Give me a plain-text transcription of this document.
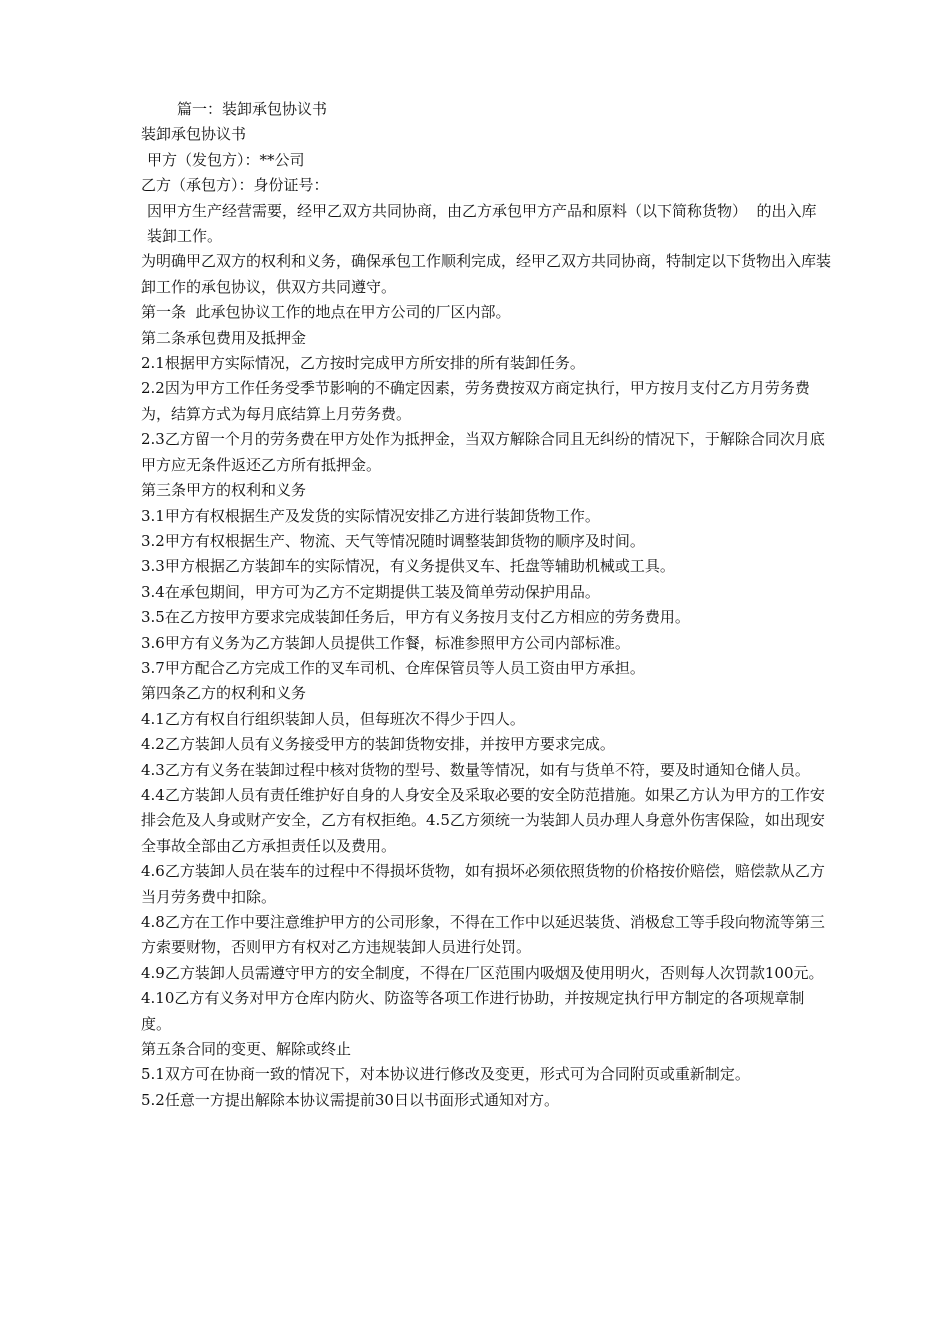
篇一：装卸承包协议书

装卸承包协议书

甲方（发包方）：**公司

乙方（承包方）：身份证号：

因甲方生产经营需要，经甲乙双方共同协商，由乙方承包甲方产品和原料（以下简称货物）  的出入库装卸工作。

为明确甲乙双方的权利和义务，确保承包工作顺利完成，经甲乙双方共同协商，特制定以下货物出入库装卸工作的承包协议，供双方共同遵守。

第一条  此承包协议工作的地点在甲方公司的厂区内部。

第二条承包费用及抵押金

2.1根据甲方实际情况，乙方按时完成甲方所安排的所有装卸任务。

2.2因为甲方工作任务受季节影响的不确定因素，劳务费按双方商定执行，甲方按月支付乙方月劳务费为，结算方式为每月底结算上月劳务费。

2.3乙方留一个月的劳务费在甲方处作为抵押金，当双方解除合同且无纠纷的情况下，于解除合同次月底甲方应无条件返还乙方所有抵押金。

第三条甲方的权利和义务

3.1甲方有权根据生产及发货的实际情况安排乙方进行装卸货物工作。

3.2甲方有权根据生产、物流、天气等情况随时调整装卸货物的顺序及时间。

3.3甲方根据乙方装卸车的实际情况，有义务提供叉车、托盘等辅助机械或工具。

3.4在承包期间，甲方可为乙方不定期提供工装及简单劳动保护用品。

3.5在乙方按甲方要求完成装卸任务后，甲方有义务按月支付乙方相应的劳务费用。

3.6甲方有义务为乙方装卸人员提供工作餐，标准参照甲方公司内部标准。

3.7甲方配合乙方完成工作的叉车司机、仓库保管员等人员工资由甲方承担。

第四条乙方的权利和义务

4.1乙方有权自行组织装卸人员，但每班次不得少于四人。

4.2乙方装卸人员有义务接受甲方的装卸货物安排，并按甲方要求完成。

4.3乙方有义务在装卸过程中核对货物的型号、数量等情况，如有与货单不符，要及时通知仓储人员。

4.4乙方装卸人员有责任维护好自身的人身安全及采取必要的安全防范措施。如果乙方认为甲方的工作安排会危及人身或财产安全，乙方有权拒绝。4.5乙方须统一为装卸人员办理人身意外伤害保险，如出现安全事故全部由乙方承担责任以及费用。

4.6乙方装卸人员在装车的过程中不得损坏货物，如有损坏必须依照货物的价格按价赔偿，赔偿款从乙方当月劳务费中扣除。

4.8乙方在工作中要注意维护甲方的公司形象，不得在工作中以延迟装货、消极怠工等手段向物流等第三方索要财物，否则甲方有权对乙方违规装卸人员进行处罚。

4.9乙方装卸人员需遵守甲方的安全制度，不得在厂区范围内吸烟及使用明火，否则每人次罚款100元。

4.10乙方有义务对甲方仓库内防火、防盗等各项工作进行协助，并按规定执行甲方制定的各项规章制度。

第五条合同的变更、解除或终止

5.1双方可在协商一致的情况下，对本协议进行修改及变更，形式可为合同附页或重新制定。

5.2任意一方提出解除本协议需提前30日以书面形式通知对方。
